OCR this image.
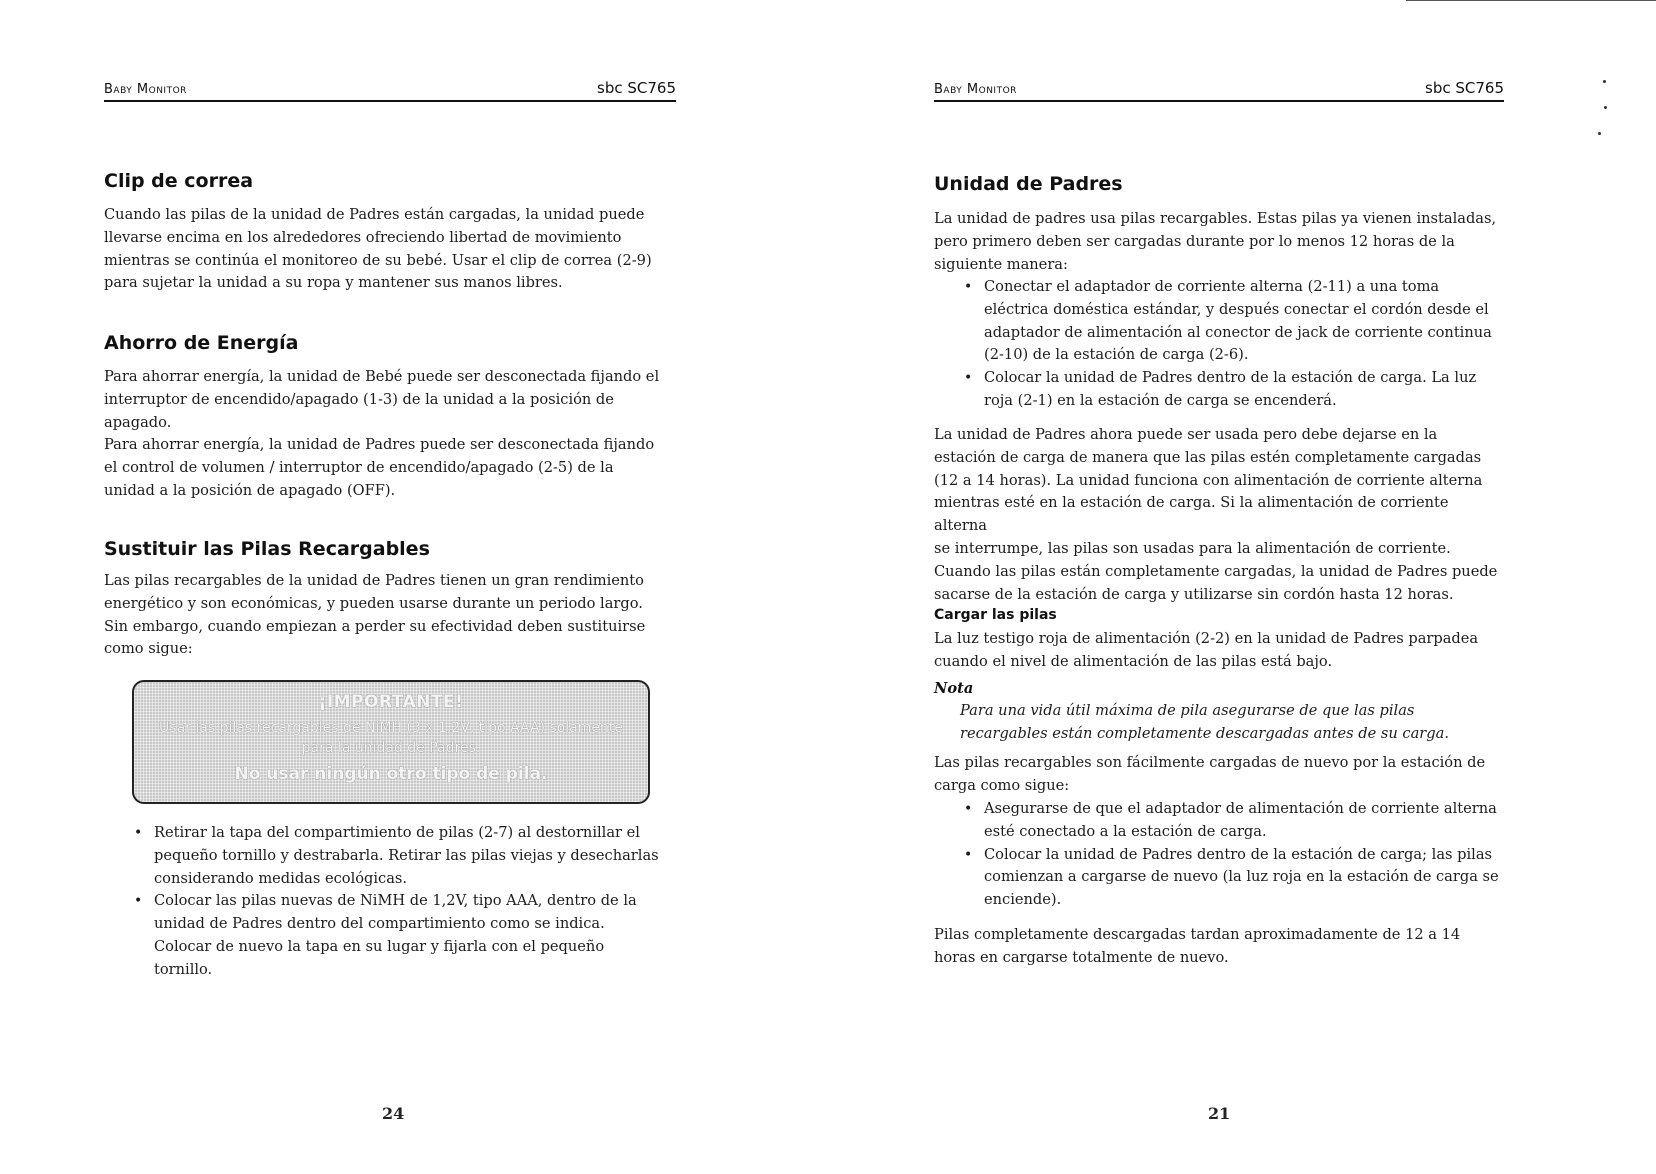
Baby Monitor	sbc SC765
Clip de correa
Cuando las pilas de la unidad de Padres están cargadas, la unidad puede
llevarse encima en los alrededores ofreciendo libertad de movimiento
mientras se continúa el monitoreo de su bebé. Usar el clip de correa (2-9)
para sujetar la unidad a su ropa y mantener sus manos libres.
Ahorro de Energía
Para ahorrar energía, la unidad de Bebé puede ser desconectada fijando el
interruptor de encendido/apagado (1-3) de la unidad a la posición de
apagado.
Para ahorrar energía, la unidad de Padres puede ser desconectada fijando
el control de volumen / interruptor de encendido/apagado (2-5) de la
unidad a la posición de apagado (OFF).
Sustituir las Pilas Recargables
Las pilas recargables de la unidad de Padres tienen un gran rendimiento
energético y son económicas, y pueden usarse durante un periodo largo.
Sin embargo, cuando empiezan a perder su efectividad deben sustituirse
como sigue:
¡IMPORTANTE!
Usar las pilas recargables de NiMH (3 x 1,2V, tipo AAA) solamente
para la unidad de Padres.
No usar ningún otro tipo de pila.
• Retirar la tapa del compartimiento de pilas (2-7) al destornillar el
pequeño tornillo y destrabarla. Retirar las pilas viejas y desecharlas
considerando medidas ecológicas.
• Colocar las pilas nuevas de NiMH de 1,2V, tipo AAA, dentro de la
unidad de Padres dentro del compartimiento como se indica.
Colocar de nuevo la tapa en su lugar y fijarla con el pequeño
tornillo.
24
Baby Monitor	sbc SC765
Unidad de Padres
La unidad de padres usa pilas recargables. Estas pilas ya vienen instaladas,
pero primero deben ser cargadas durante por lo menos 12 horas de la
siguiente manera:
• Conectar el adaptador de corriente alterna (2-11) a una toma
eléctrica doméstica estándar, y después conectar el cordón desde el
adaptador de alimentación al conector de jack de corriente continua
(2-10) de la estación de carga (2-6).
• Colocar la unidad de Padres dentro de la estación de carga. La luz
roja (2-1) en la estación de carga se encenderá.
La unidad de Padres ahora puede ser usada pero debe dejarse en la
estación de carga de manera que las pilas estén completamente cargadas
(12 a 14 horas). La unidad funciona con alimentación de corriente alterna
mientras esté en la estación de carga. Si la alimentación de corriente alterna
se interrumpe, las pilas son usadas para la alimentación de corriente.
Cuando las pilas están completamente cargadas, la unidad de Padres puede
sacarse de la estación de carga y utilizarse sin cordón hasta 12 horas.
Cargar las pilas
La luz testigo roja de alimentación (2-2) en la unidad de Padres parpadea
cuando el nivel de alimentación de las pilas está bajo.
Nota
Para una vida útil máxima de pila asegurarse de que las pilas
recargables están completamente descargadas antes de su carga.
Las pilas recargables son fácilmente cargadas de nuevo por la estación de
carga como sigue:
• Asegurarse de que el adaptador de alimentación de corriente alterna
esté conectado a la estación de carga.
• Colocar la unidad de Padres dentro de la estación de carga; las pilas
comienzan a cargarse de nuevo (la luz roja en la estación de carga se
enciende).
Pilas completamente descargadas tardan aproximadamente de 12 a 14
horas en cargarse totalmente de nuevo.
21
